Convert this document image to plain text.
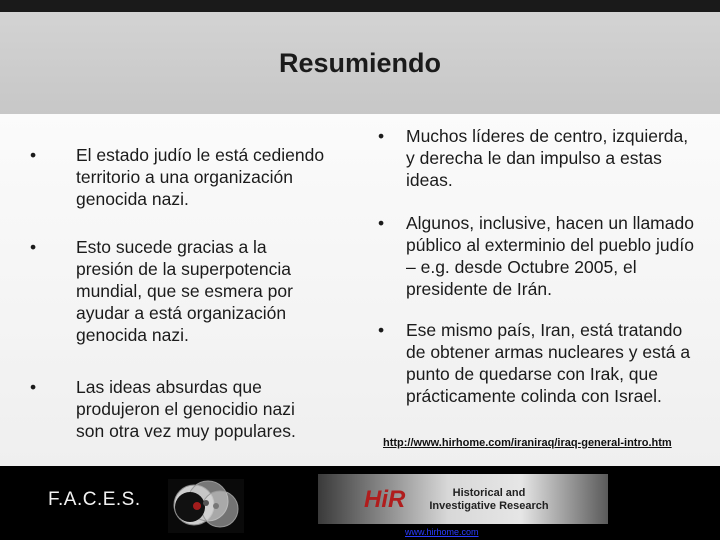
Resumiendo
• El estado judío le está cediendo territorio a una organización genocida nazi.
• Esto sucede gracias a la presión de la superpotencia mundial, que se esmera por ayudar a está organización genocida nazi.
• Las ideas absurdas que produjeron el genocidio nazi son otra vez muy populares.
• Muchos líderes de centro, izquierda, y derecha le dan impulso a estas ideas.
• Algunos, inclusive, hacen un llamado público al exterminio del pueblo judío – e.g. desde Octubre 2005, el presidente de Irán.
• Ese mismo país, Iran, está tratando de obtener armas nucleares y está a punto de quedarse con Irak, que prácticamente colinda con Israel.
http://www.hirhome.com/iraniraq/iraq-general-intro.htm
F.A.C.E.S.	HiR	Historical and
Investigative Research
www.hirhome.com
